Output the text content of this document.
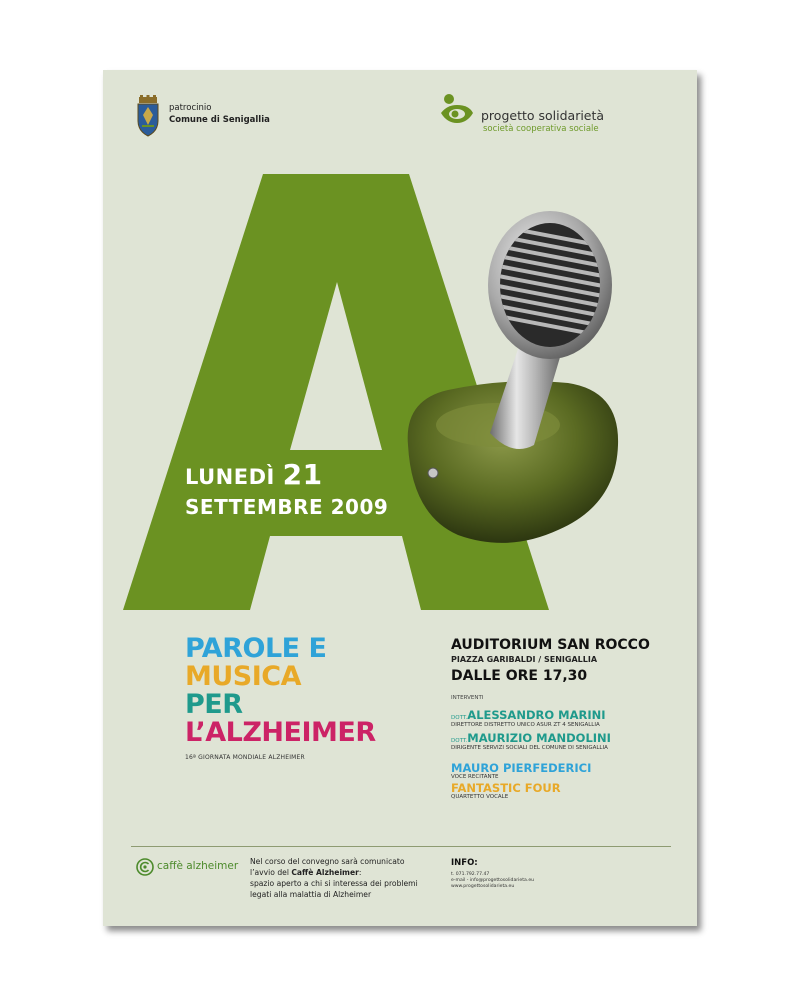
patrocinio
Comune di Senigallia	progetto solidarietà
società cooperativa sociale
LUNEDÌ 21
SETTEMBRE 2009
PAROLE E
MUSICA
PER
L’ALZHEIMER
16ª GIORNATA MONDIALE ALZHEIMER
AUDITORIUM SAN ROCCO
PIAZZA GARIBALDI / SENIGALLIA
DALLE ORE 17,30
INTERVENTI
DOTT.ALESSANDRO MARINI
DIRETTORE DISTRETTO UNICO ASUR ZT 4 SENIGALLIA
DOTT.MAURIZIO MANDOLINI
DIRIGENTE SERVIZI SOCIALI DEL COMUNE DI SENIGALLIA
MAURO PIERFEDERICI
VOCE RECITANTE
FANTASTIC FOUR
QUARTETTO VOCALE
caffè alzheimer Nel corso del convegno sarà comunicato
l’avvio del Caffè Alzheimer:
spazio aperto a chi si interessa dei problemi
legati alla malattia di Alzheimer
INFO:
t. 071.792.77.47
e-mail - info@progettosolidarieta.eu
www.progettosolidarieta.eu
